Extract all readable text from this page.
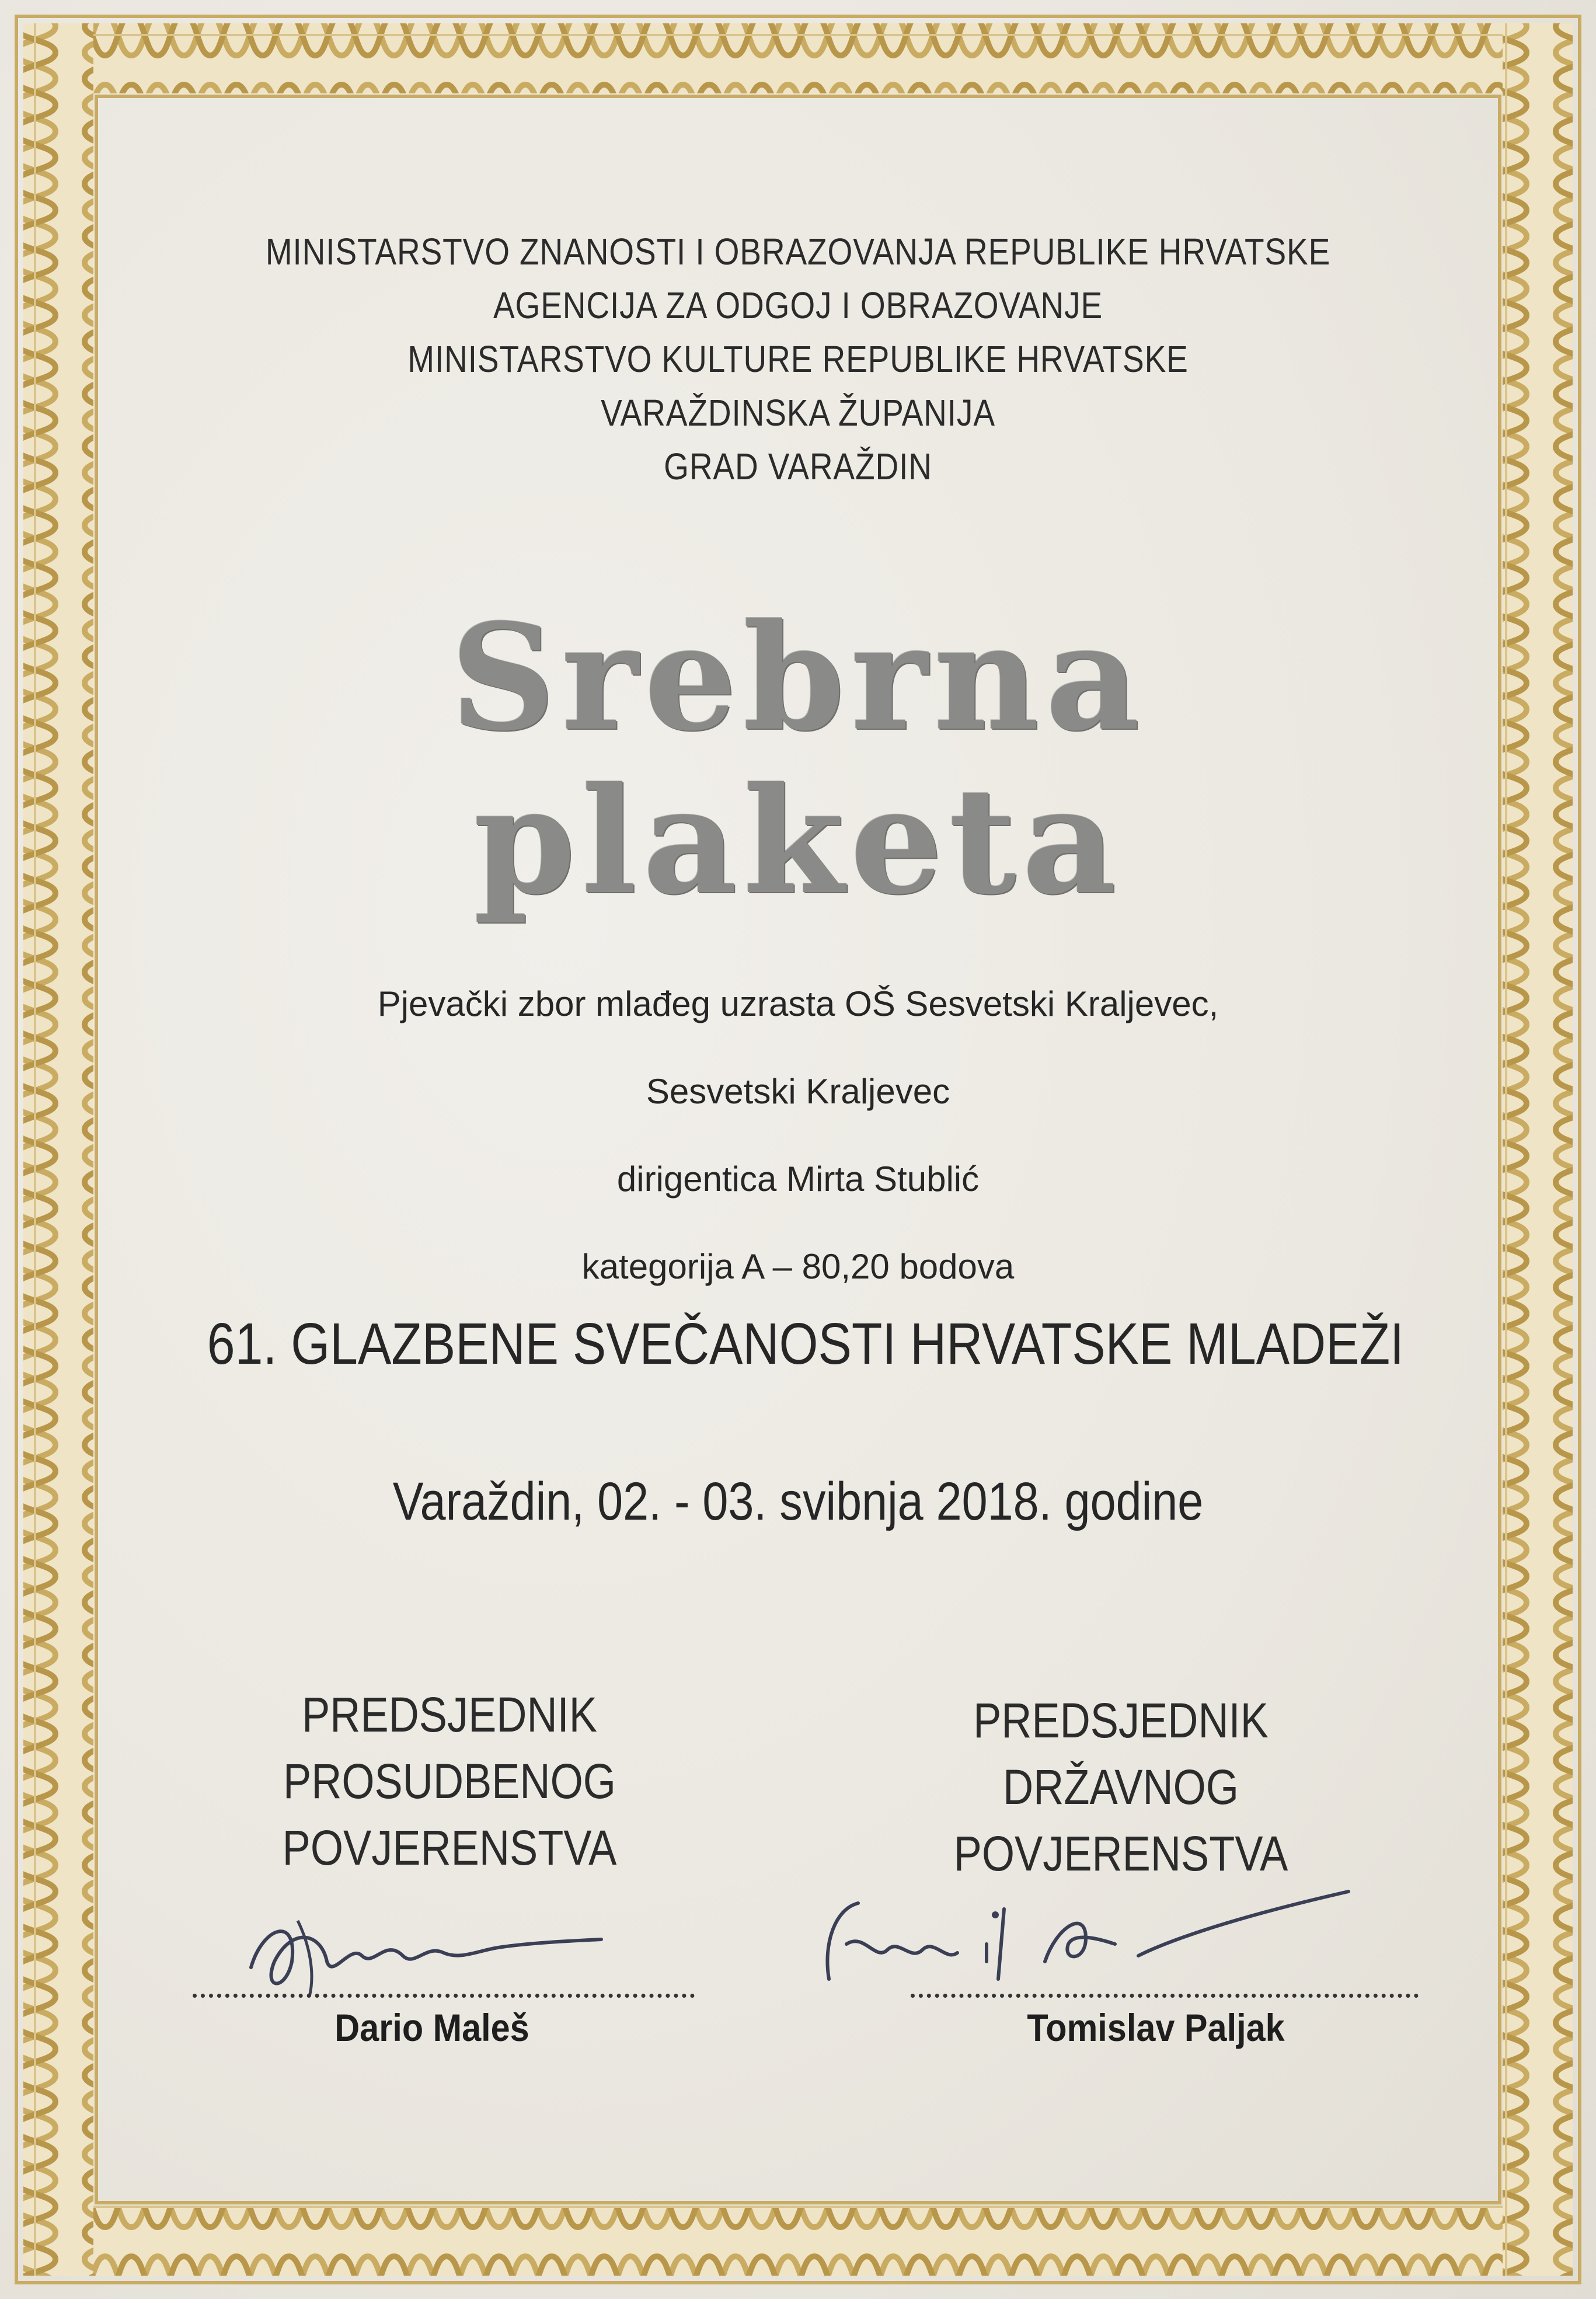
MINISTARSTVO ZNANOSTI I OBRAZOVANJA REPUBLIKE HRVATSKE
AGENCIJA ZA ODGOJ I OBRAZOVANJE
MINISTARSTVO KULTURE REPUBLIKE HRVATSKE
VARAŽDINSKA ŽUPANIJA
GRAD VARAŽDIN
Srebrna plaketa
Pjevački zbor mlađeg uzrasta OŠ Sesvetski Kraljevec,
Sesvetski Kraljevec
dirigentica Mirta Stublić
kategorija A – 80,20 bodova
61. GLAZBENE SVEČANOSTI HRVATSKE MLADEŽI
Varaždin, 02. - 03. svibnja 2018. godine
PREDSJEDNIK
PROSUDBENOG
POVJERENSTVA
Dario Maleš
PREDSJEDNIK
DRŽAVNOG
POVJERENSTVA
Tomislav Paljak
